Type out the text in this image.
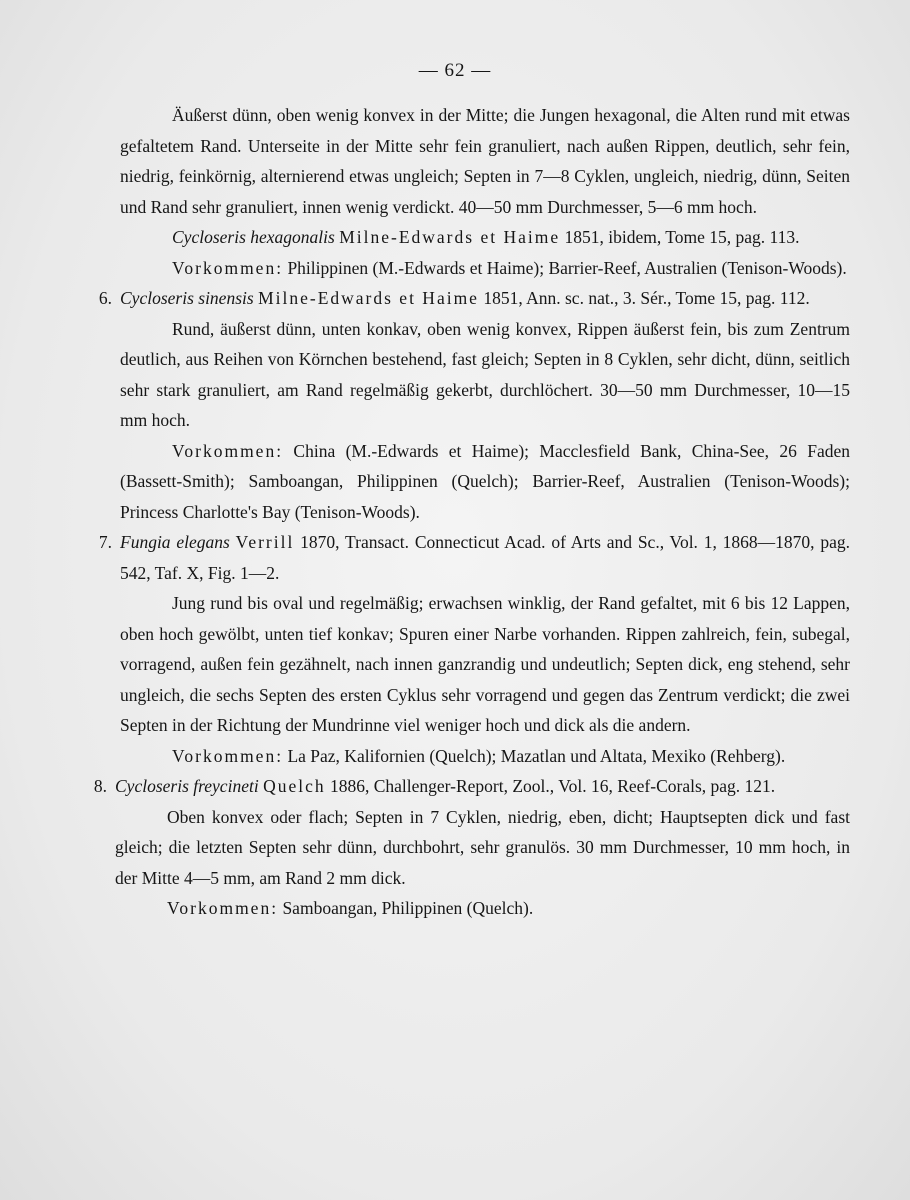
— 62 —

Äußerst dünn, oben wenig konvex in der Mitte; die Jungen hexagonal, die Alten rund mit etwas gefaltetem Rand. Unterseite in der Mitte sehr fein granuliert, nach außen Rippen, deutlich, sehr fein, niedrig, feinkörnig, alternierend etwas ungleich; Septen in 7—8 Cyklen, ungleich, niedrig, dünn, Seiten und Rand sehr granuliert, innen wenig verdickt. 40—50 mm Durchmesser, 5—6 mm hoch.

Cycloseris hexagonalis Milne-Edwards et Haime 1851, ibidem, Tome 15, pag. 113.

Vorkommen: Philippinen (M.-Edwards et Haime); Barrier-Reef, Australien (Tenison-Woods).

6. Cycloseris sinensis Milne-Edwards et Haime 1851, Ann. sc. nat., 3. Sér., Tome 15, pag. 112.

Rund, äußerst dünn, unten konkav, oben wenig konvex, Rippen äußerst fein, bis zum Zentrum deutlich, aus Reihen von Körnchen bestehend, fast gleich; Septen in 8 Cyklen, sehr dicht, dünn, seitlich sehr stark granuliert, am Rand regelmäßig gekerbt, durchlöchert. 30—50 mm Durchmesser, 10—15 mm hoch.

Vorkommen: China (M.-Edwards et Haime); Macclesfield Bank, China-See, 26 Faden (Bassett-Smith); Samboangan, Philippinen (Quelch); Barrier-Reef, Australien (Tenison-Woods); Princess Charlotte's Bay (Tenison-Woods).

7. Fungia elegans Verrill 1870, Transact. Connecticut Acad. of Arts and Sc., Vol. 1, 1868—1870, pag. 542, Taf. X, Fig. 1—2.

Jung rund bis oval und regelmäßig; erwachsen winklig, der Rand gefaltet, mit 6 bis 12 Lappen, oben hoch gewölbt, unten tief konkav; Spuren einer Narbe vorhanden. Rippen zahlreich, fein, subegal, vorragend, außen fein gezähnelt, nach innen ganzrandig und undeutlich; Septen dick, eng stehend, sehr ungleich, die sechs Septen des ersten Cyklus sehr vorragend und gegen das Zentrum verdickt; die zwei Septen in der Richtung der Mundrinne viel weniger hoch und dick als die andern.

Vorkommen: La Paz, Kalifornien (Quelch); Mazatlan und Altata, Mexiko (Rehberg).

8. Cycloseris freycineti Quelch 1886, Challenger-Report, Zool., Vol. 16, Reef-Corals, pag. 121.

Oben konvex oder flach; Septen in 7 Cyklen, niedrig, eben, dicht; Hauptsepten dick und fast gleich; die letzten Septen sehr dünn, durchbohrt, sehr granulös. 30 mm Durchmesser, 10 mm hoch, in der Mitte 4—5 mm, am Rand 2 mm dick.

Vorkommen: Samboangan, Philippinen (Quelch).
